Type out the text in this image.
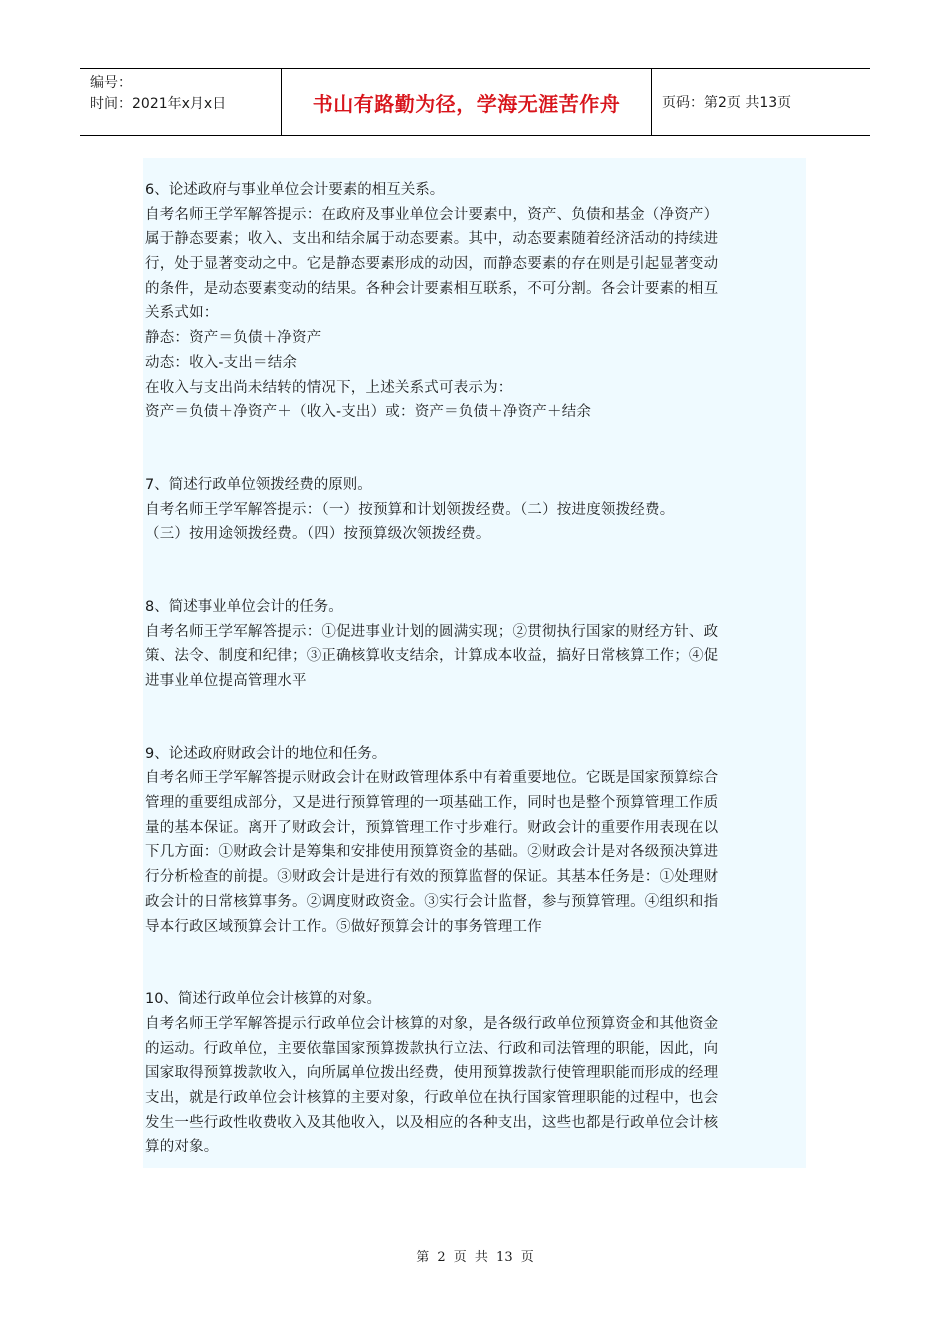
编号：
时间：2021年x月x日	书山有路勤为径，学海无涯苦作舟	页码：第2页 共13页
6、论述政府与事业单位会计要素的相互关系。
自考名师王学军解答提示：在政府及事业单位会计要素中，资产、负债和基金（净资产）
属于静态要素；收入、支出和结余属于动态要素。其中，动态要素随着经济活动的持续进
行，处于显著变动之中。它是静态要素形成的动因，而静态要素的存在则是引起显著变动
的条件，是动态要素变动的结果。各种会计要素相互联系，不可分割。各会计要素的相互
关系式如：
静态：资产＝负债＋净资产
动态：收入-支出＝结余
在收入与支出尚未结转的情况下，上述关系式可表示为：
资产＝负债＋净资产＋（收入-支出）或：资产＝负债＋净资产＋结余
7、简述行政单位领拨经费的原则。
自考名师王学军解答提示：（一）按预算和计划领拨经费。（二）按进度领拨经费。
（三）按用途领拨经费。（四）按预算级次领拨经费。
8、简述事业单位会计的任务。
自考名师王学军解答提示：①促进事业计划的圆满实现；②贯彻执行国家的财经方针、政
策、法令、制度和纪律；③正确核算收支结余，计算成本收益，搞好日常核算工作；④促
进事业单位提高管理水平
9、论述政府财政会计的地位和任务。
自考名师王学军解答提示财政会计在财政管理体系中有着重要地位。它既是国家预算综合
管理的重要组成部分，又是进行预算管理的一项基础工作，同时也是整个预算管理工作质
量的基本保证。离开了财政会计，预算管理工作寸步难行。财政会计的重要作用表现在以
下几方面：①财政会计是筹集和安排使用预算资金的基础。②财政会计是对各级预决算进
行分析检查的前提。③财政会计是进行有效的预算监督的保证。其基本任务是：①处理财
政会计的日常核算事务。②调度财政资金。③实行会计监督，参与预算管理。④组织和指
导本行政区域预算会计工作。⑤做好预算会计的事务管理工作
10、简述行政单位会计核算的对象。
自考名师王学军解答提示行政单位会计核算的对象，是各级行政单位预算资金和其他资金
的运动。行政单位，主要依靠国家预算拨款执行立法、行政和司法管理的职能，因此，向
国家取得预算拨款收入，向所属单位拨出经费，使用预算拨款行使管理职能而形成的经理
支出，就是行政单位会计核算的主要对象，行政单位在执行国家管理职能的过程中，也会
发生一些行政性收费收入及其他收入，以及相应的各种支出，这些也都是行政单位会计核
算的对象。
第 2 页 共 13 页
